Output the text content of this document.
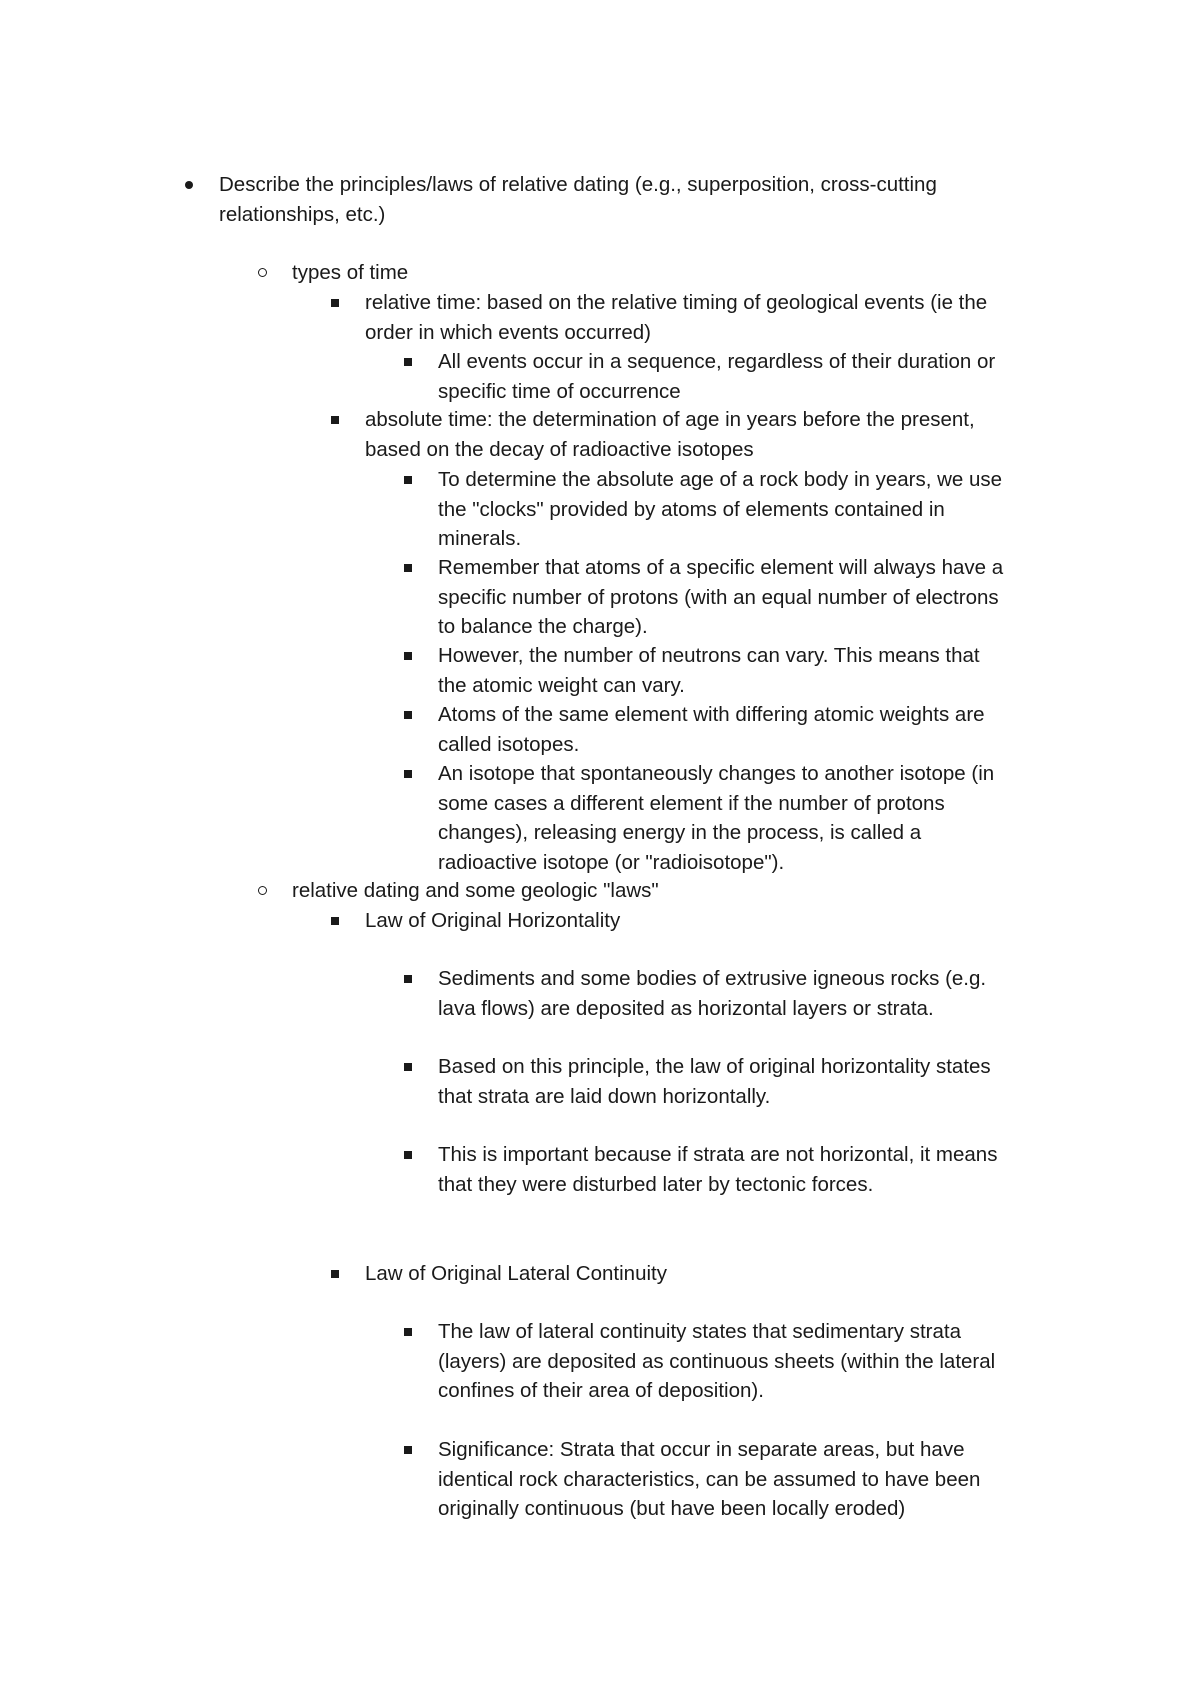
Describe the principles/laws of relative dating (e.g., superposition, cross-cutting
relationships, etc.)
types of time
relative time: based on the relative timing of geological events (ie the
order in which events occurred)
All events occur in a sequence, regardless of their duration or
specific time of occurrence
absolute time: the determination of age in years before the present,
based on the decay of radioactive isotopes
To determine the absolute age of a rock body in years, we use
the "clocks" provided by atoms of elements contained in
minerals.
Remember that atoms of a specific element will always have a
specific number of protons (with an equal number of electrons
to balance the charge).
However, the number of neutrons can vary. This means that
the atomic weight can vary.
Atoms of the same element with differing atomic weights are
called isotopes.
An isotope that spontaneously changes to another isotope (in
some cases a different element if the number of protons
changes), releasing energy in the process, is called a
radioactive isotope (or "radioisotope").
relative dating and some geologic "laws"
Law of Original Horizontality
Sediments and some bodies of extrusive igneous rocks (e.g.
lava flows) are deposited as horizontal layers or strata.
Based on this principle, the law of original horizontality states
that strata are laid down horizontally.
This is important because if strata are not horizontal, it means
that they were disturbed later by tectonic forces.
Law of Original Lateral Continuity
The law of lateral continuity states that sedimentary strata
(layers) are deposited as continuous sheets (within the lateral
confines of their area of deposition).
Significance: Strata that occur in separate areas, but have
identical rock characteristics, can be assumed to have been
originally continuous (but have been locally eroded)
